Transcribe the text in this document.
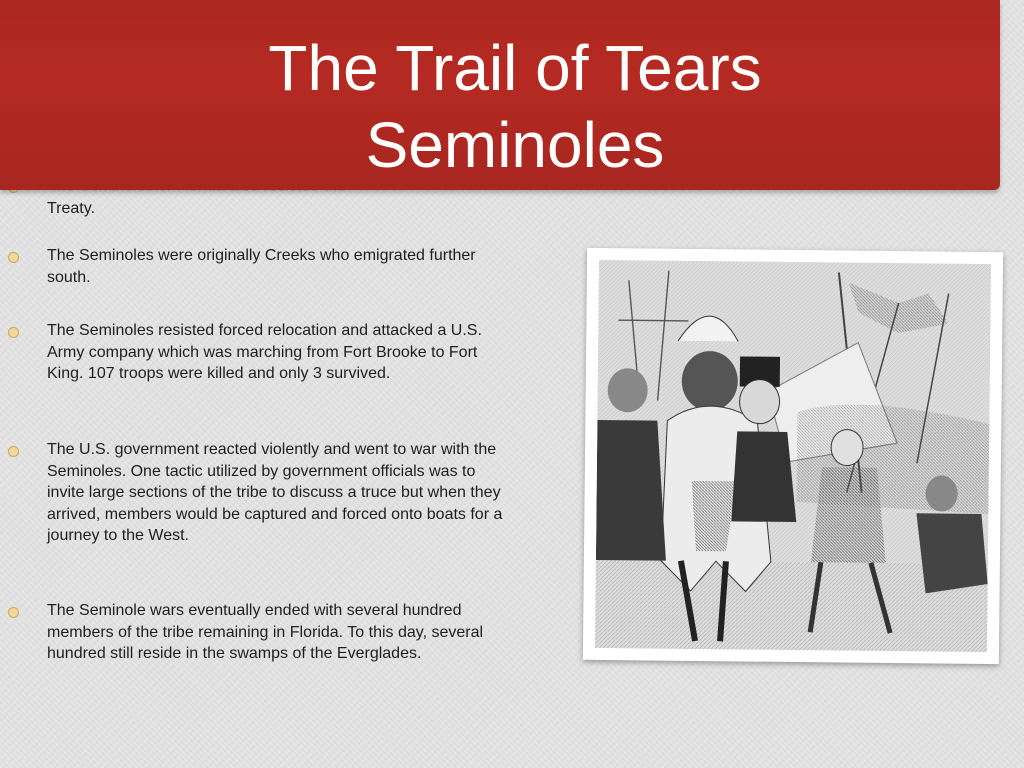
Treaty.
The Seminoles were originally Creeks who emigrated further south.
The Seminoles resisted forced relocation and attacked a U.S. Army company which was marching from Fort Brooke to Fort King. 107 troops were killed and only 3 survived.
The U.S. government reacted violently and went to war with the Seminoles. One tactic utilized by government officials was to invite large sections of the tribe to discuss a truce but when they arrived, members would be captured and forced onto boats for a journey to the West.
The Seminole wars eventually ended with several hundred members of the tribe remaining in Florida. To this day, several hundred still reside in the swamps of the Everglades.
The Trail of Tears
Seminoles
